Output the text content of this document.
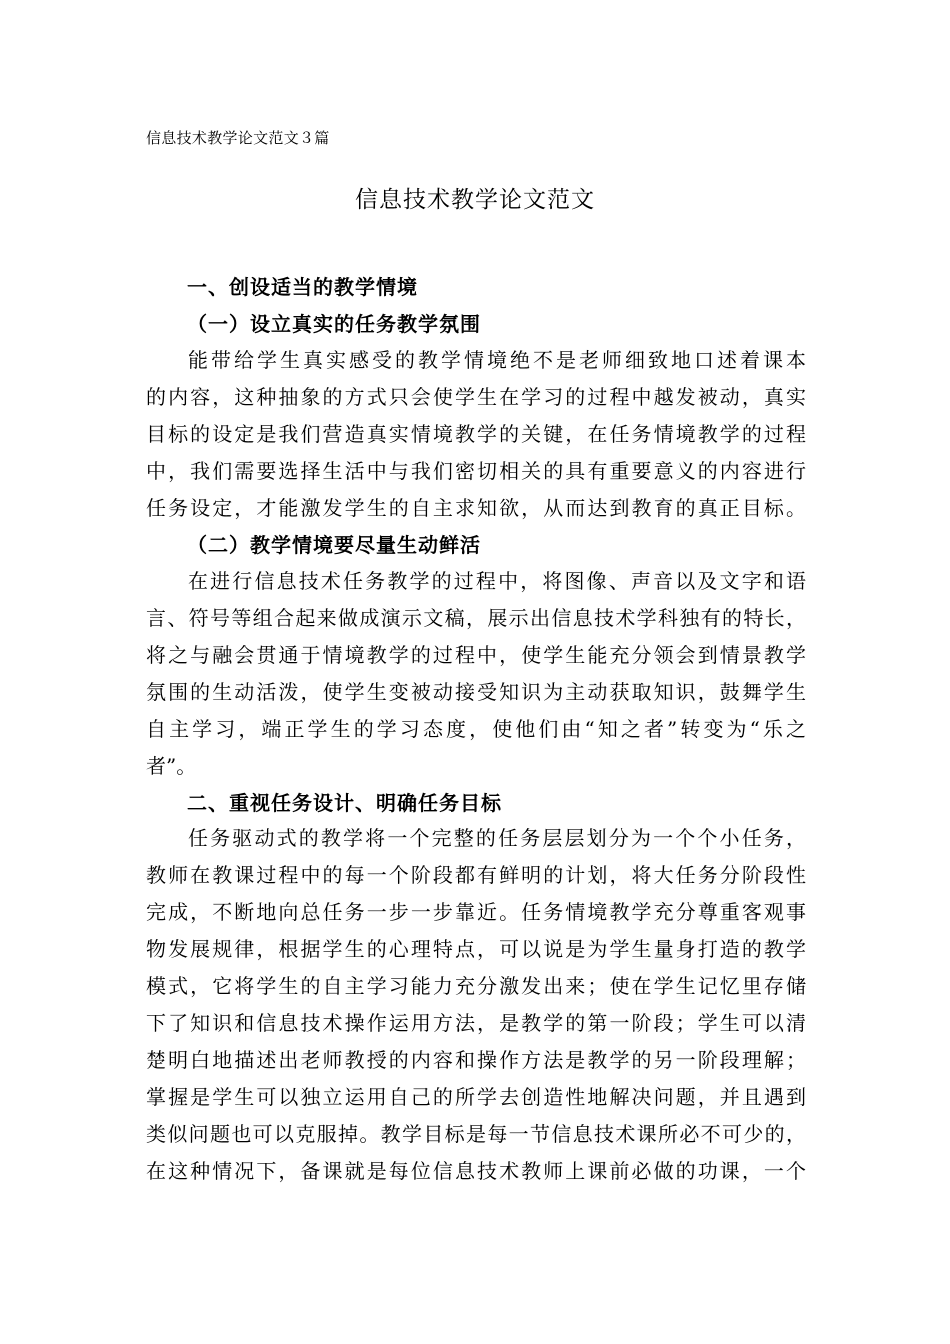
信息技术教学论文范文３篇
信息技术教学论文范文
一、创设适当的教学情境
（一）设立真实的任务教学氛围
能带给学生真实感受的教学情境绝不是老师细致地口述着课本
的内容，这种抽象的方式只会使学生在学习的过程中越发被动，真实
目标的设定是我们营造真实情境教学的关键，在任务情境教学的过程
中，我们需要选择生活中与我们密切相关的具有重要意义的内容进行
任务设定，才能激发学生的自主求知欲，从而达到教育的真正目标。
（二）教学情境要尽量生动鲜活
在进行信息技术任务教学的过程中，将图像、声音以及文字和语
言、符号等组合起来做成演示文稿，展示出信息技术学科独有的特长，
将之与融会贯通于情境教学的过程中，使学生能充分领会到情景教学
氛围的生动活泼，使学生变被动接受知识为主动获取知识，鼓舞学生
自主学习，端正学生的学习态度，使他们由“知之者”转变为“乐之
者”。
二、重视任务设计、明确任务目标
任务驱动式的教学将一个完整的任务层层划分为一个个小任务，
教师在教课过程中的每一个阶段都有鲜明的计划，将大任务分阶段性
完成，不断地向总任务一步一步靠近。任务情境教学充分尊重客观事
物发展规律，根据学生的心理特点，可以说是为学生量身打造的教学
模式，它将学生的自主学习能力充分激发出来；使在学生记忆里存储
下了知识和信息技术操作运用方法，是教学的第一阶段；学生可以清
楚明白地描述出老师教授的内容和操作方法是教学的另一阶段理解；
掌握是学生可以独立运用自己的所学去创造性地解决问题，并且遇到
类似问题也可以克服掉。教学目标是每一节信息技术课所必不可少的，
在这种情况下，备课就是每位信息技术教师上课前必做的功课，一个
